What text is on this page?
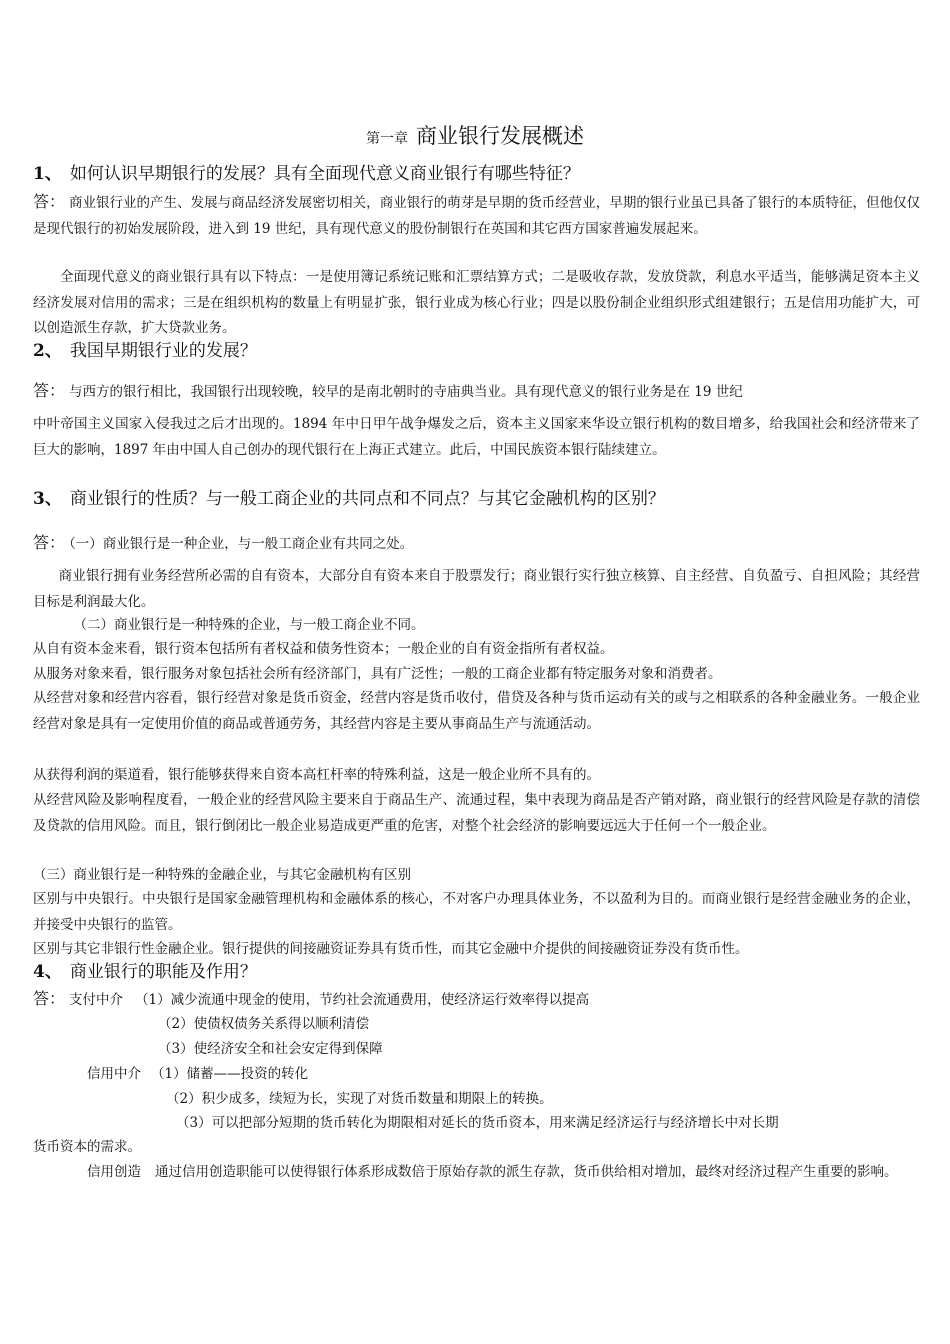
第一章 商业银行发展概述
1、 如何认识早期银行的发展？具有全面现代意义商业银行有哪些特征？

答： 商业银行业的产生、发展与商品经济发展密切相关，商业银行的萌芽是早期的货币经营业，早期的银行业虽已具备了银行的本质特征，但他仅仅是现代银行的初始发展阶段，进入到 19 世纪，具有现代意义的股份制银行在英国和其它西方国家普遍发展起来。

全面现代意义的商业银行具有以下特点：一是使用簿记系统记账和汇票结算方式；二是吸收存款，发放贷款，利息水平适当，能够满足资本主义经济发展对信用的需求；三是在组织机构的数量上有明显扩张，银行业成为核心行业；四是以股份制企业组织形式组建银行；五是信用功能扩大，可以创造派生存款，扩大贷款业务。

2、 我国早期银行业的发展？
答： 与西方的银行相比，我国银行出现较晚，较早的是南北朝时的寺庙典当业。具有现代意义的银行业务是在 19 世纪

中叶帝国主义国家入侵我过之后才出现的。1894 年中日甲午战争爆发之后，资本主义国家来华设立银行机构的数目增多，给我国社会和经济带来了巨大的影响，1897 年由中国人自己创办的现代银行在上海正式建立。此后，中国民族资本银行陆续建立。

3、 商业银行的性质？与一般工商企业的共同点和不同点？与其它金融机构的区别？
答： （一）商业银行是一种企业，与一般工商企业有共同之处。

商业银行拥有业务经营所必需的自有资本，大部分自有资本来自于股票发行；商业银行实行独立核算、自主经营、自负盈亏、自担风险；其经营目标是利润最大化。

（二）商业银行是一种特殊的企业，与一般工商企业不同。

从自有资本金来看，银行资本包括所有者权益和债务性资本；一般企业的自有资金指所有者权益。

从服务对象来看，银行服务对象包括社会所有经济部门，具有广泛性；一般的工商企业都有特定服务对象和消费者。

从经营对象和经营内容看，银行经营对象是货币资金，经营内容是货币收付，借贷及各种与货币运动有关的或与之相联系的各种金融业务。一般企业经营对象是具有一定使用价值的商品或普通劳务，其经营内容是主要从事商品生产与流通活动。

从获得利润的渠道看，银行能够获得来自资本高杠杆率的特殊利益，这是一般企业所不具有的。

从经营风险及影响程度看，一般企业的经营风险主要来自于商品生产、流通过程，集中表现为商品是否产销对路，商业银行的经营风险是存款的清偿及贷款的信用风险。而且，银行倒闭比一般企业易造成更严重的危害，对整个社会经济的影响要远远大于任何一个一般企业。

（三）商业银行是一种特殊的金融企业，与其它金融机构有区别

区别与中央银行。中央银行是国家金融管理机构和金融体系的核心，不对客户办理具体业务，不以盈利为目的。而商业银行是经营金融业务的企业，并接受中央银行的监管。

区别与其它非银行性金融企业。银行提供的间接融资证券具有货币性，而其它金融中介提供的间接融资证券没有货币性。

4、 商业银行的职能及作用？
答： 支付中介 （1）减少流通中现金的使用，节约社会流通费用，使经济运行效率得以提高
（2）使债权债务关系得以顺利清偿
（3）使经济安全和社会安定得到保障
信用中介 （1）储蓄——投资的转化
（2）积少成多，续短为长，实现了对货币数量和期限上的转换。
（3）可以把部分短期的货币转化为期限相对延长的货币资本，用来满足经济运行与经济增长中对长期
货币资本的需求。

信用创造 通过信用创造职能可以使得银行体系形成数倍于原始存款的派生存款，货币供给相对增加，最终对经济过程产生重要的影响。
